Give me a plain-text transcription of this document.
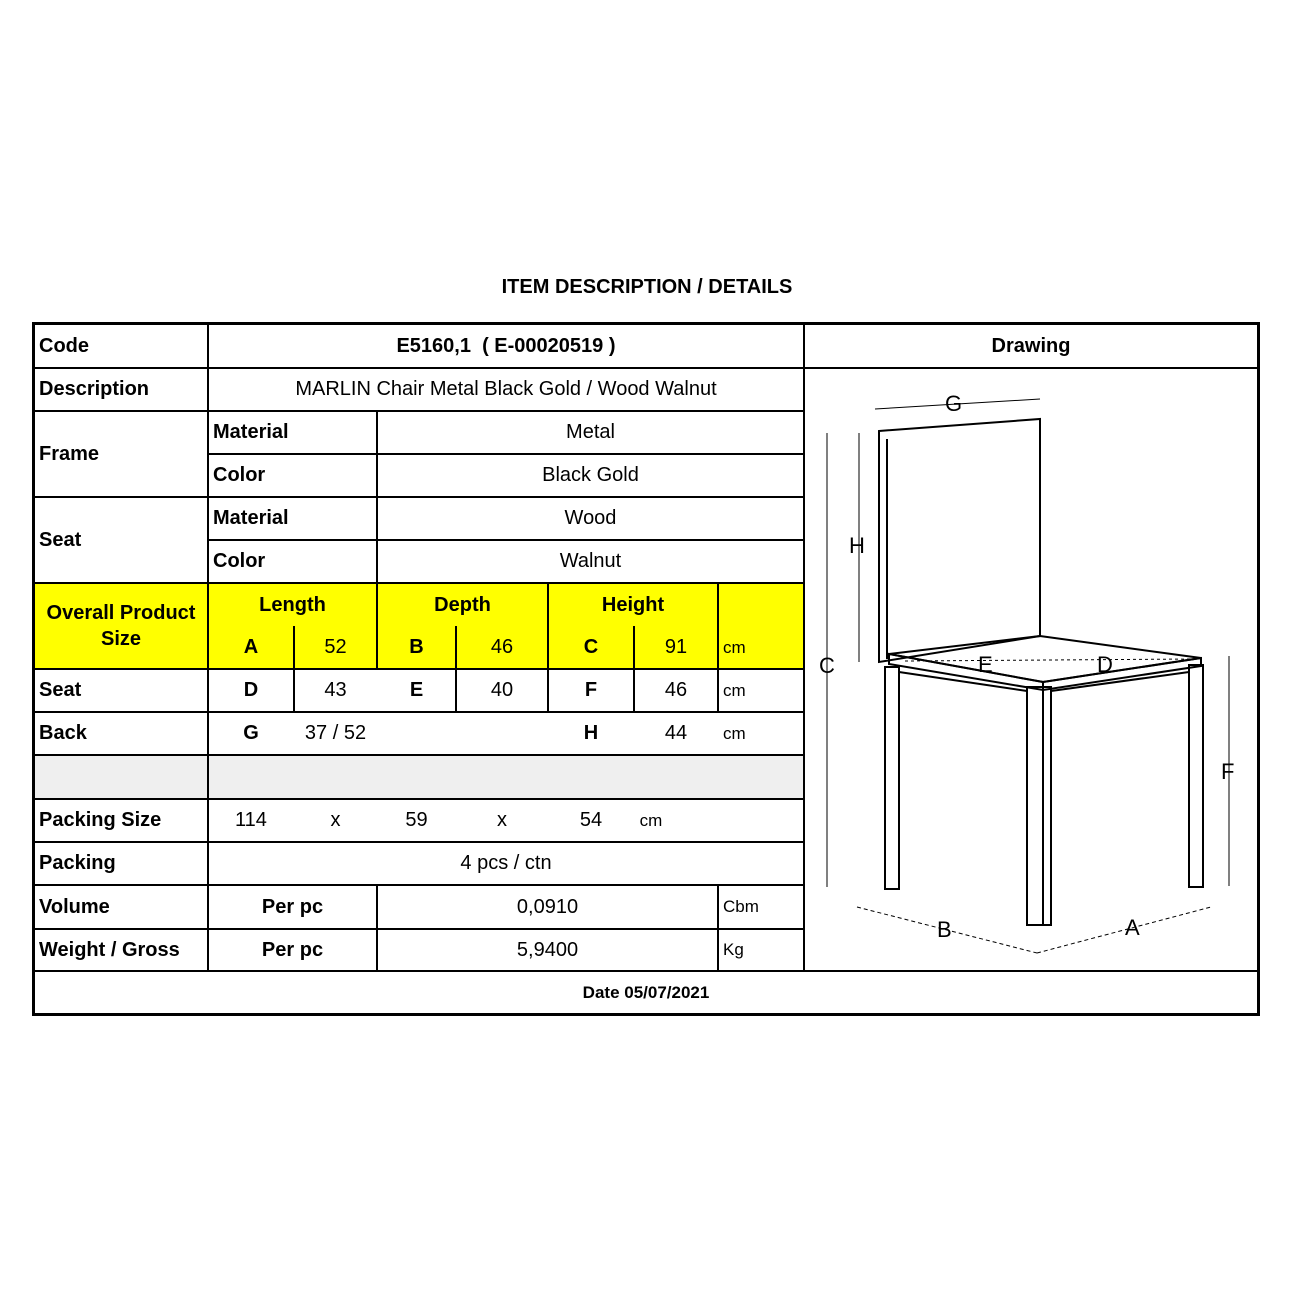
ITEM DESCRIPTION / DETAILS
Code	E5160,1  ( E-00020519 )	Drawing
Description	MARLIN Chair Metal Black Gold / Wood Walnut
Frame
Material	Metal
Color	Black Gold
Seat
Material	Wood
Color	Walnut
Overall Product Size
Length	Depth	Height
A	52	B	46	C	91	cm
Seat	D	43	E	40	F	46	cm
Back	G	37 / 52	H	44	cm
Packing Size	114	x	59	x	54	cm
Packing	4 pcs / ctn
Volume	Per pc	0,0910	Cbm
Weight / Gross	Per pc	5,9400	Kg
Date 05/07/2021
G
H
C	E	D
F
B	A
